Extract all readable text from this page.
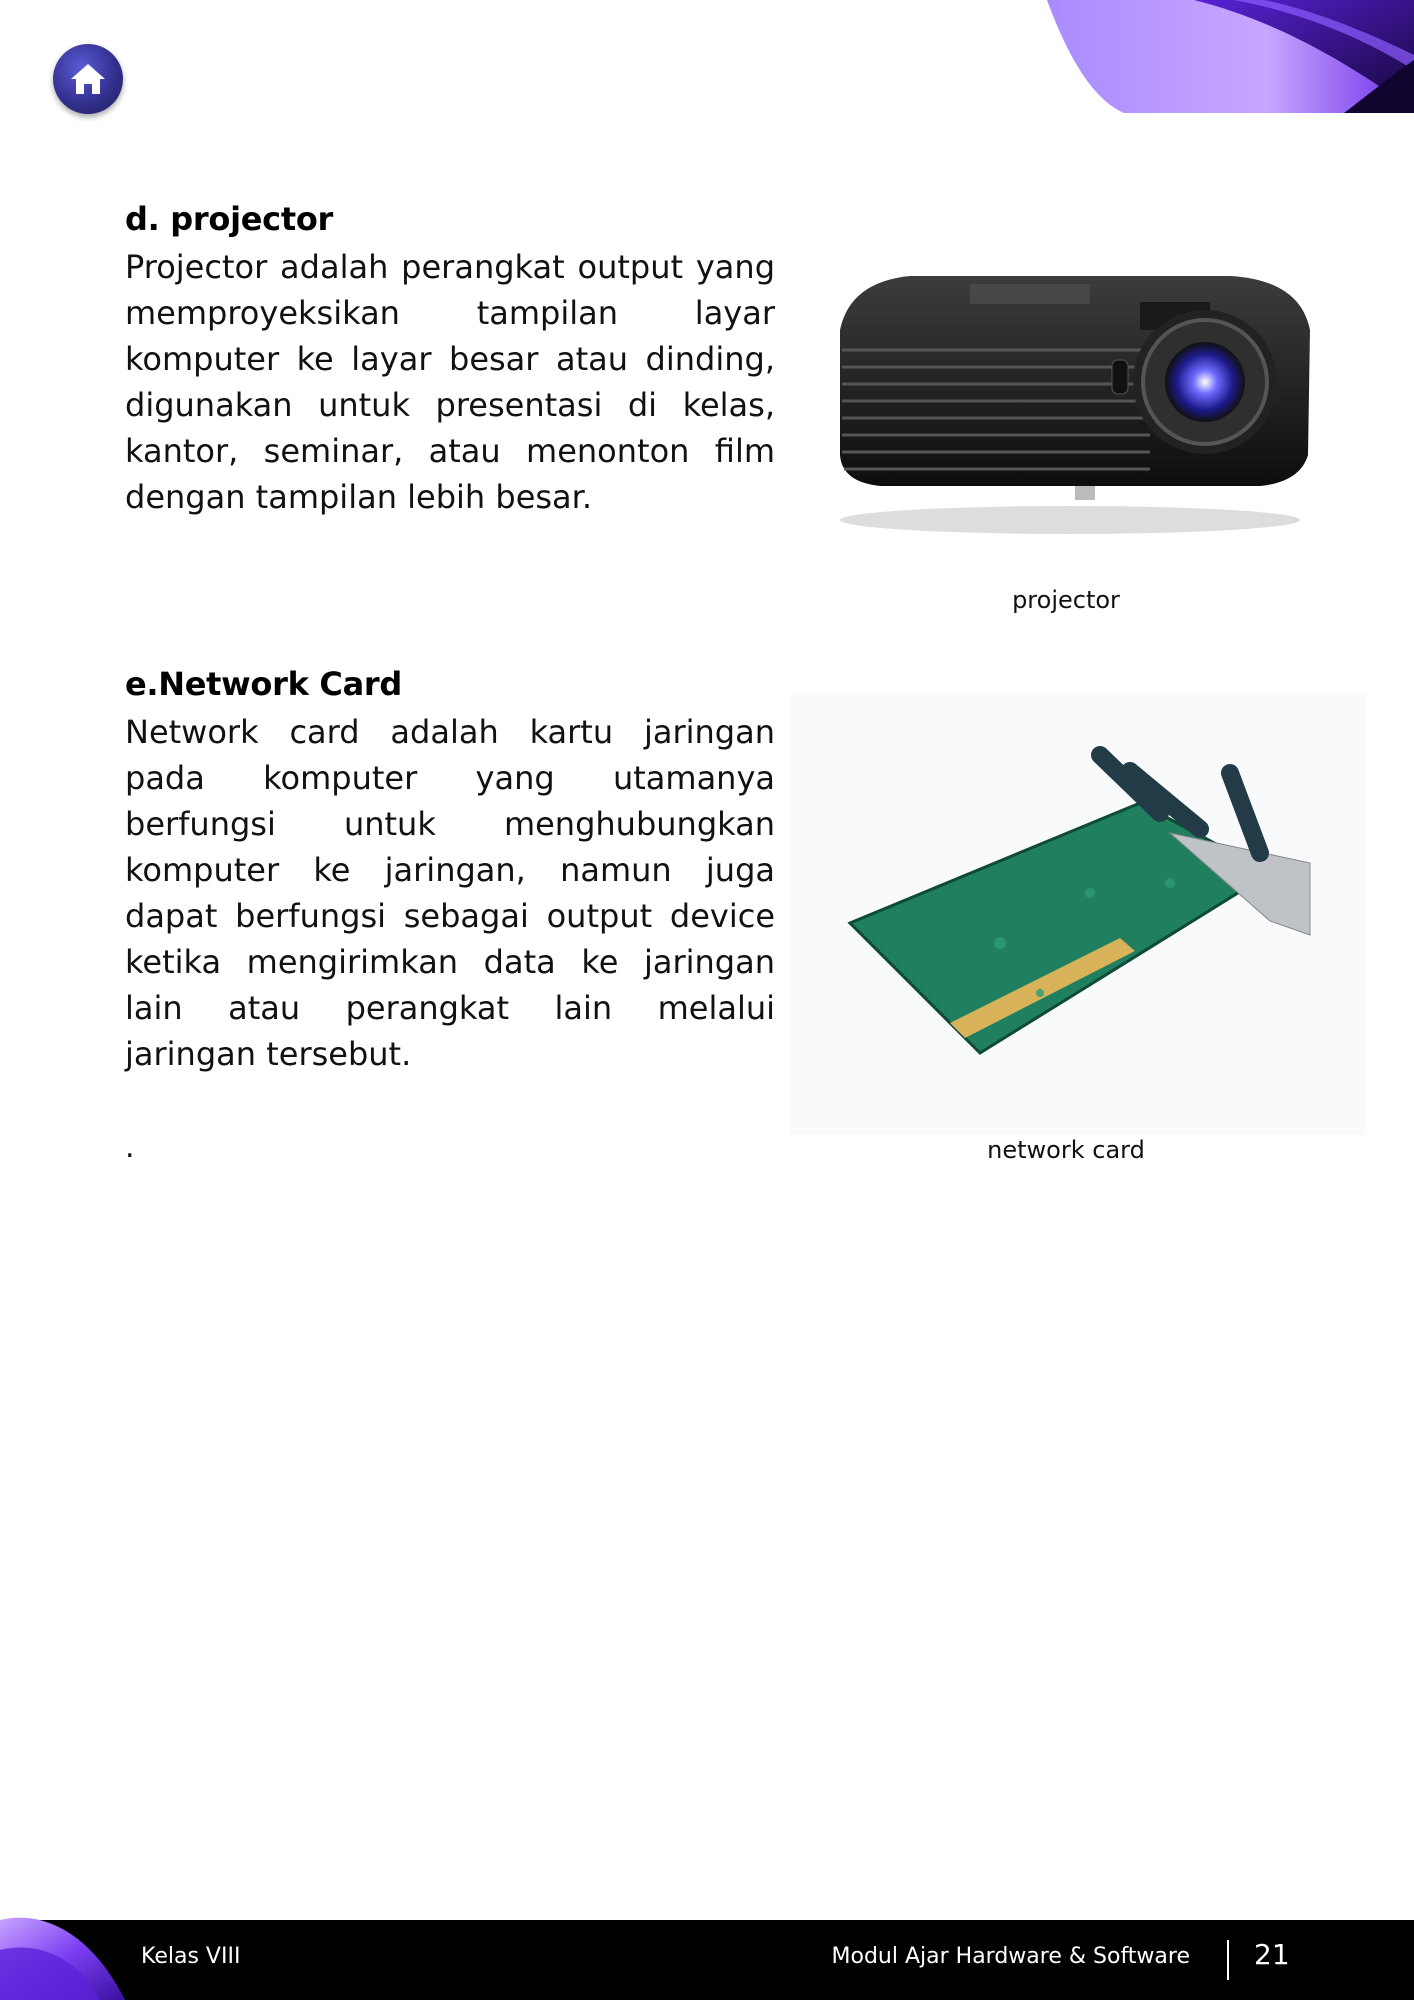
d. projector

Projector adalah perangkat output yang memproyeksikan tampilan layar komputer ke layar besar atau dinding, digunakan untuk presentasi di kelas, kantor, seminar, atau menonton film dengan tampilan lebih besar.

projector
e.Network Card

Network card adalah kartu jaringan pada komputer yang utamanya berfungsi untuk menghubungkan komputer ke jaringan, namun juga dapat berfungsi sebagai output device ketika mengirimkan data ke jaringan lain atau perangkat lain melalui jaringan tersebut.

network card
.
Kelas VIII	Modul Ajar Hardware & Software 21
